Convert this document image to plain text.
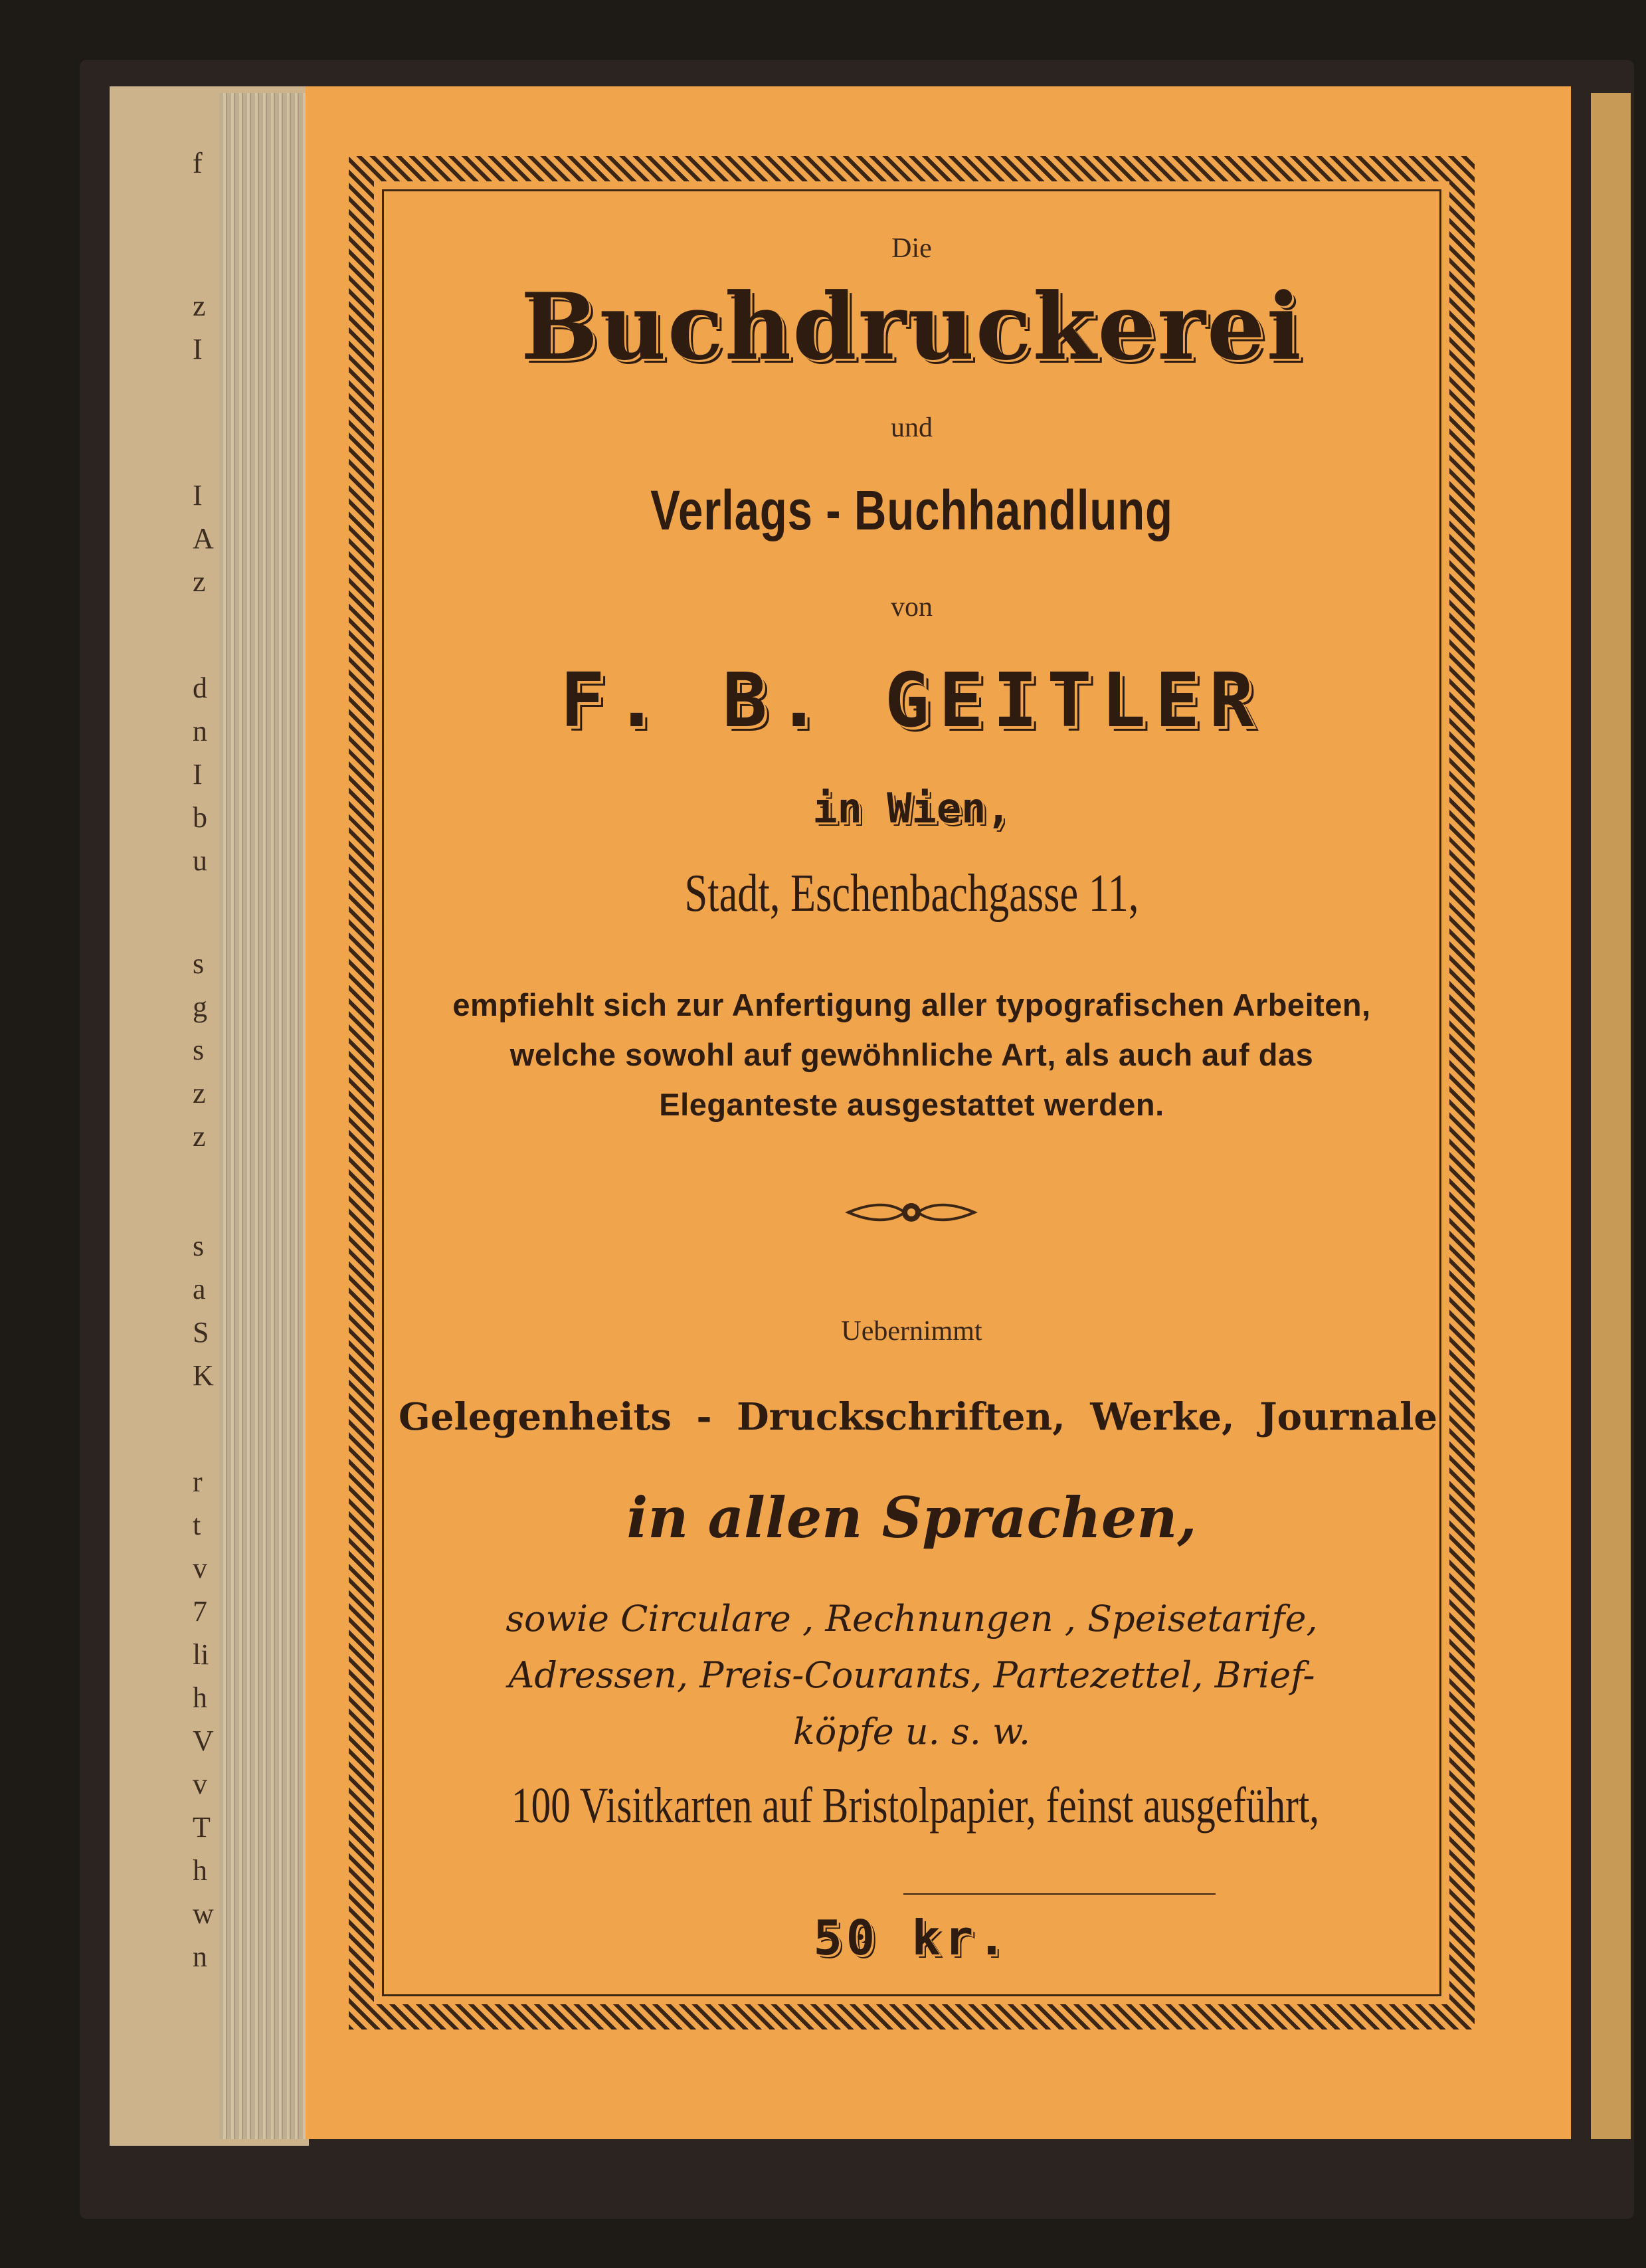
f
z
I
I
A
z
d
n
I
b
u
s
g
s
z
z
s
a
S
K
r
t
v
7
li
h
V
v
T
h
w
n
Die
Buchdruckerei
und
Verlags - Buchhandlung
von
F. B. GEITLER
in Wien,
Stadt, Eschenbachgasse 11,
empfiehlt sich zur Anfertigung aller typografischen Arbeiten,
welche sowohl auf gewöhnliche Art, als auch auf das
Eleganteste ausgestattet werden.
Uebernimmt
Gelegenheits - Druckschriften, Werke, Journale
in allen Sprachen,
sowie Circulare , Rechnungen , Speisetarife,
Adressen, Preis-Courants, Partezettel, Brief-
köpfe u. s. w.
100 Visitkarten auf Bristolpapier, feinst ausgeführt,
50 kr.
